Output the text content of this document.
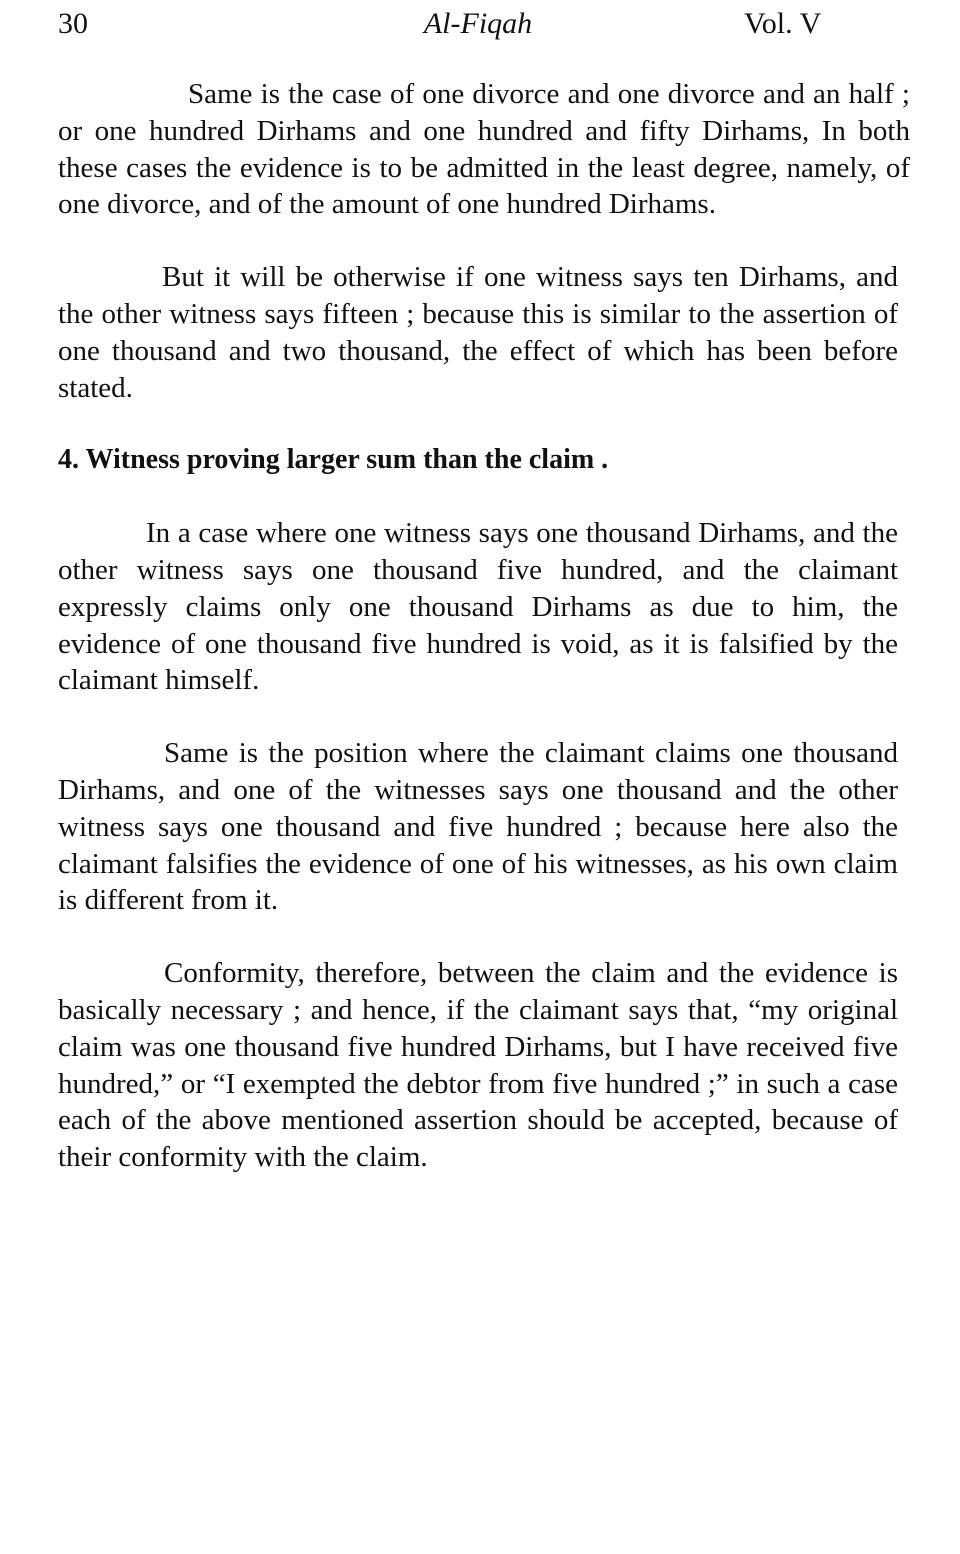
30	Al-Fiqah	Vol. V

Same is the case of one divorce and one divorce and an half ; or one hundred Dirhams and one hundred and fifty Dirhams, In both these cases the evidence is to be admitted in the least degree, namely, of one divorce, and of the amount of one hundred Dirhams.

But it will be otherwise if one witness says ten Dirhams, and the other witness says fifteen ; because this is similar to the assertion of one thousand and two thousand, the effect of which has been before stated.

4. Witness proving larger sum than the claim .

In a case where one witness says one thousand Dirhams, and the other witness says one thousand five hundred, and the claimant expressly claims only one thousand Dirhams as due to him, the evidence of one thousand five hundred is void, as it is falsified by the claimant himself.

Same is the position where the claimant claims one thousand Dirhams, and one of the witnesses says one thousand and the other witness says one thousand and five hundred ; because here also the claimant falsifies the evidence of one of his witnesses, as his own claim is different from it.

Conformity, therefore, between the claim and the evidence is basically necessary ; and hence, if the claimant says that, “my original claim was one thousand five hundred Dirhams, but I have received five hundred,” or “I exempted the debtor from five hundred ;” in such a case each of the above mentioned assertion should be accepted, because of their conformity with the claim.
